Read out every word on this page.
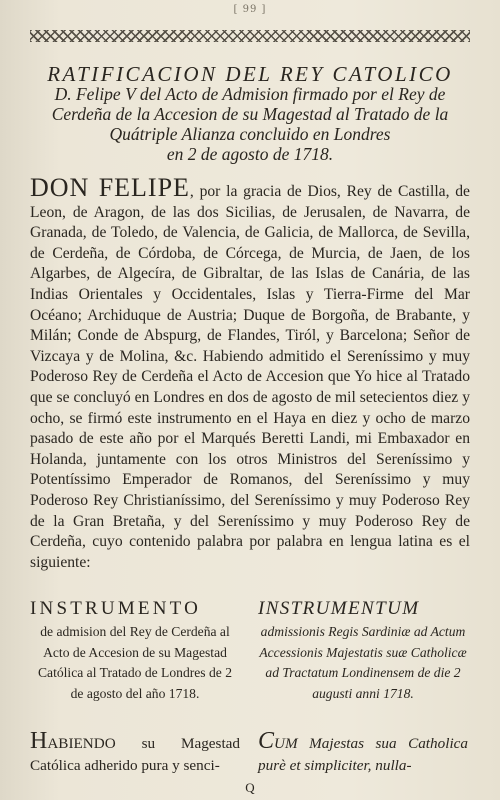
[ 99 ]
RATIFICACION DEL REY CATOLICO
D. Felipe V del Acto de Admision firmado por el Rey de
Cerdeña de la Accesion de su Magestad al Tratado de la
Quátriple Alianza concluido en Londres
en 2 de agosto de 1718.
DON FELIPE, por la gracia de Dios, Rey de Castilla, de Leon, de Aragon, de las dos Sicilias, de Jerusalen, de Navarra, de Granada, de Toledo, de Valencia, de Galicia, de Mallorca, de Sevilla, de Cerdeña, de Córdoba, de Córcega, de Murcia, de Jaen, de los Algarbes, de Algecíra, de Gibraltar, de las Islas de Canária, de las Indias Orientales y Occidentales, Islas y Tierra-Firme del Mar Océano; Archiduque de Austria; Duque de Borgoña, de Brabante, y Milán; Conde de Abspurg, de Flandes, Tiról, y Barcelona; Señor de Vizcaya y de Molina, &c. Habiendo admitido el Sereníssimo y muy Poderoso Rey de Cerdeña el Acto de Accesion que Yo hice al Tratado que se concluyó en Londres en dos de agosto de mil setecientos diez y ocho, se firmó este instrumento en el Haya en diez y ocho de marzo pasado de este año por el Marqués Beretti Landi, mi Embaxador en Holanda, juntamente con los otros Ministros del Sereníssimo y Potentíssimo Emperador de Romanos, del Sereníssimo y muy Poderoso Rey Christianíssimo, del Sereníssimo y muy Poderoso Rey de la Gran Bretaña, y del Sereníssimo y muy Poderoso Rey de Cerdeña, cuyo contenido palabra por palabra en lengua latina es el siguiente:
INSTRUMENTO
de admision del Rey de Cerdeña al Acto de Accesion de su Magestad Católica al Tratado de Londres de 2 de agosto del año 1718.
INSTRUMENTUM
admissionis Regis Sardiniæ ad Actum Accessionis Majestatis suæ Catholicæ ad Tractatum Londinensem de die 2 augusti anni 1718.
HABIENDO su Magestad Católica adherido pura y senci-
CUM Majestas sua Catholica purè et simpliciter, nulla-
Q
